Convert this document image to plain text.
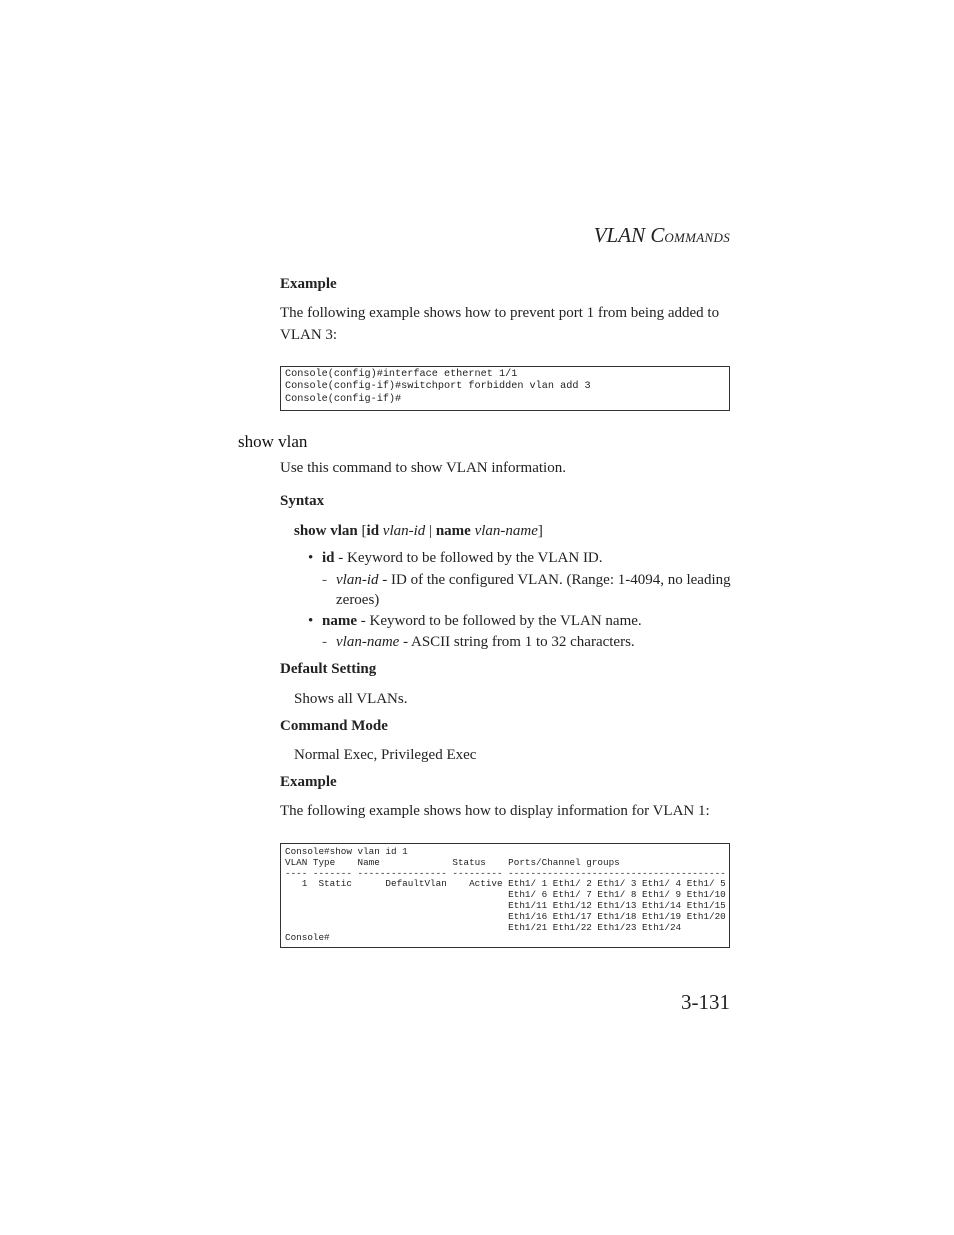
VLAN COMMANDS
Example
The following example shows how to prevent port 1 from being added to VLAN 3:
Console(config)#interface ethernet 1/1
Console(config-if)#switchport forbidden vlan add 3
Console(config-if)#
show vlan
Use this command to show VLAN information.
Syntax
show vlan [id vlan-id | name vlan-name]
• id - Keyword to be followed by the VLAN ID.
- vlan-id - ID of the configured VLAN. (Range: 1-4094, no leading zeroes)
• name - Keyword to be followed by the VLAN name.
- vlan-name - ASCII string from 1 to 32 characters.
Default Setting
Shows all VLANs.
Command Mode
Normal Exec, Privileged Exec
Example
The following example shows how to display information for VLAN 1:
Console#show vlan id 1
VLAN Type    Name             Status    Ports/Channel groups
---- ------- ---------------- --------- ---------------------------------------
1  Static      DefaultVlan    Active Eth1/ 1 Eth1/ 2 Eth1/ 3 Eth1/ 4 Eth1/ 5
Eth1/ 6 Eth1/ 7 Eth1/ 8 Eth1/ 9 Eth1/10
Eth1/11 Eth1/12 Eth1/13 Eth1/14 Eth1/15
Eth1/16 Eth1/17 Eth1/18 Eth1/19 Eth1/20
Eth1/21 Eth1/22 Eth1/23 Eth1/24
Console#
3-131
